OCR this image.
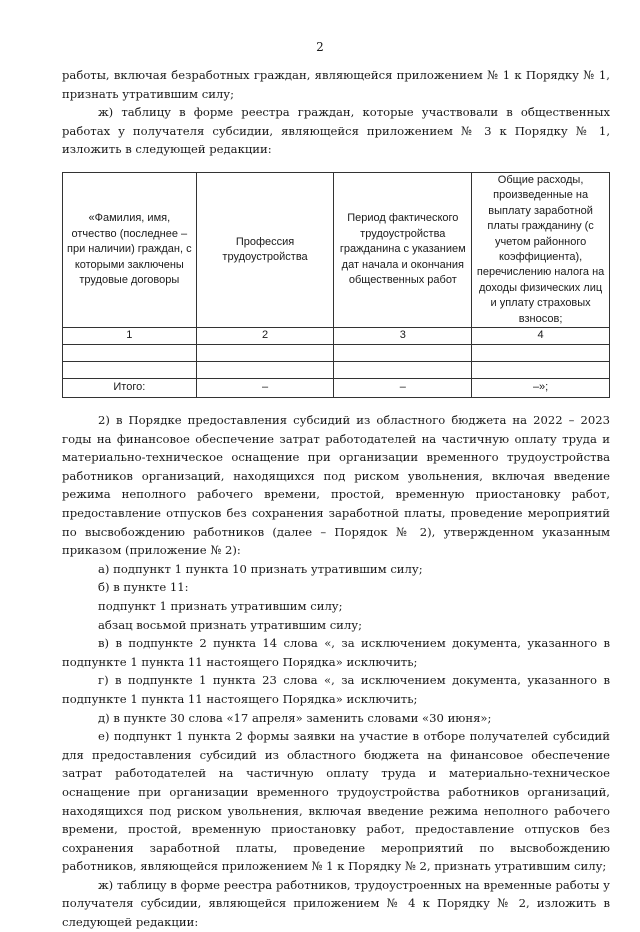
2

работы, включая безработных граждан, являющейся приложением № 1 к Порядку № 1, признать утратившим силу;

ж) таблицу в форме реестра граждан, которые участвовали в общественных работах у получателя субсидии, являющейся приложением № 3 к Порядку № 1, изложить в следующей редакции:

«Фамилия, имя, отчество (последнее – при наличии) граждан, с которыми заключены трудовые договоры	Профессия трудоустройства	Период фактического трудоустройства гражданина с указанием дат начала и окончания общественных работ	Общие расходы, произведенные на выплату заработной платы гражданину (с учетом районного коэффициента), перечислению налога на доходы физических лиц и уплату страховых взносов;
1	2	3	4

Итого:	–	–	–»;

2) в Порядке предоставления субсидий из областного бюджета на 2022 – 2023 годы на финансовое обеспечение затрат работодателей на частичную оплату труда и материально-техническое оснащение при организации временного трудоустройства работников организаций, находящихся под риском увольнения, включая введение режима неполного рабочего времени, простой, временную приостановку работ, предоставление отпусков без сохранения заработной платы, проведение мероприятий по высвобождению работников (далее – Порядок № 2), утвержденном указанным приказом (приложение № 2):

а) подпункт 1 пункта 10 признать утратившим силу;

б) в пункте 11:

подпункт 1 признать утратившим силу;

абзац восьмой признать утратившим силу;

в) в подпункте 2 пункта 14 слова «, за исключением документа, указанного в подпункте 1 пункта 11 настоящего Порядка» исключить;

г) в подпункте 1 пункта 23 слова «, за исключением документа, указанного в подпункте 1 пункта 11 настоящего Порядка» исключить;

д) в пункте 30 слова «17 апреля» заменить словами «30 июня»;

е) подпункт 1 пункта 2 формы заявки на участие в отборе получателей субсидий для предоставления субсидий из областного бюджета на финансовое обеспечение затрат работодателей на частичную оплату труда и материально-техническое оснащение при организации временного трудоустройства работников организаций, находящихся под риском увольнения, включая введение режима неполного рабочего времени, простой, временную приостановку работ, предоставление отпусков без сохранения заработной платы, проведение мероприятий по высвобождению работников, являющейся приложением № 1 к Порядку № 2, признать утратившим силу;

ж) таблицу в форме реестра работников, трудоустроенных на временные работы у получателя субсидии, являющейся приложением № 4 к Порядку № 2, изложить в следующей редакции:
